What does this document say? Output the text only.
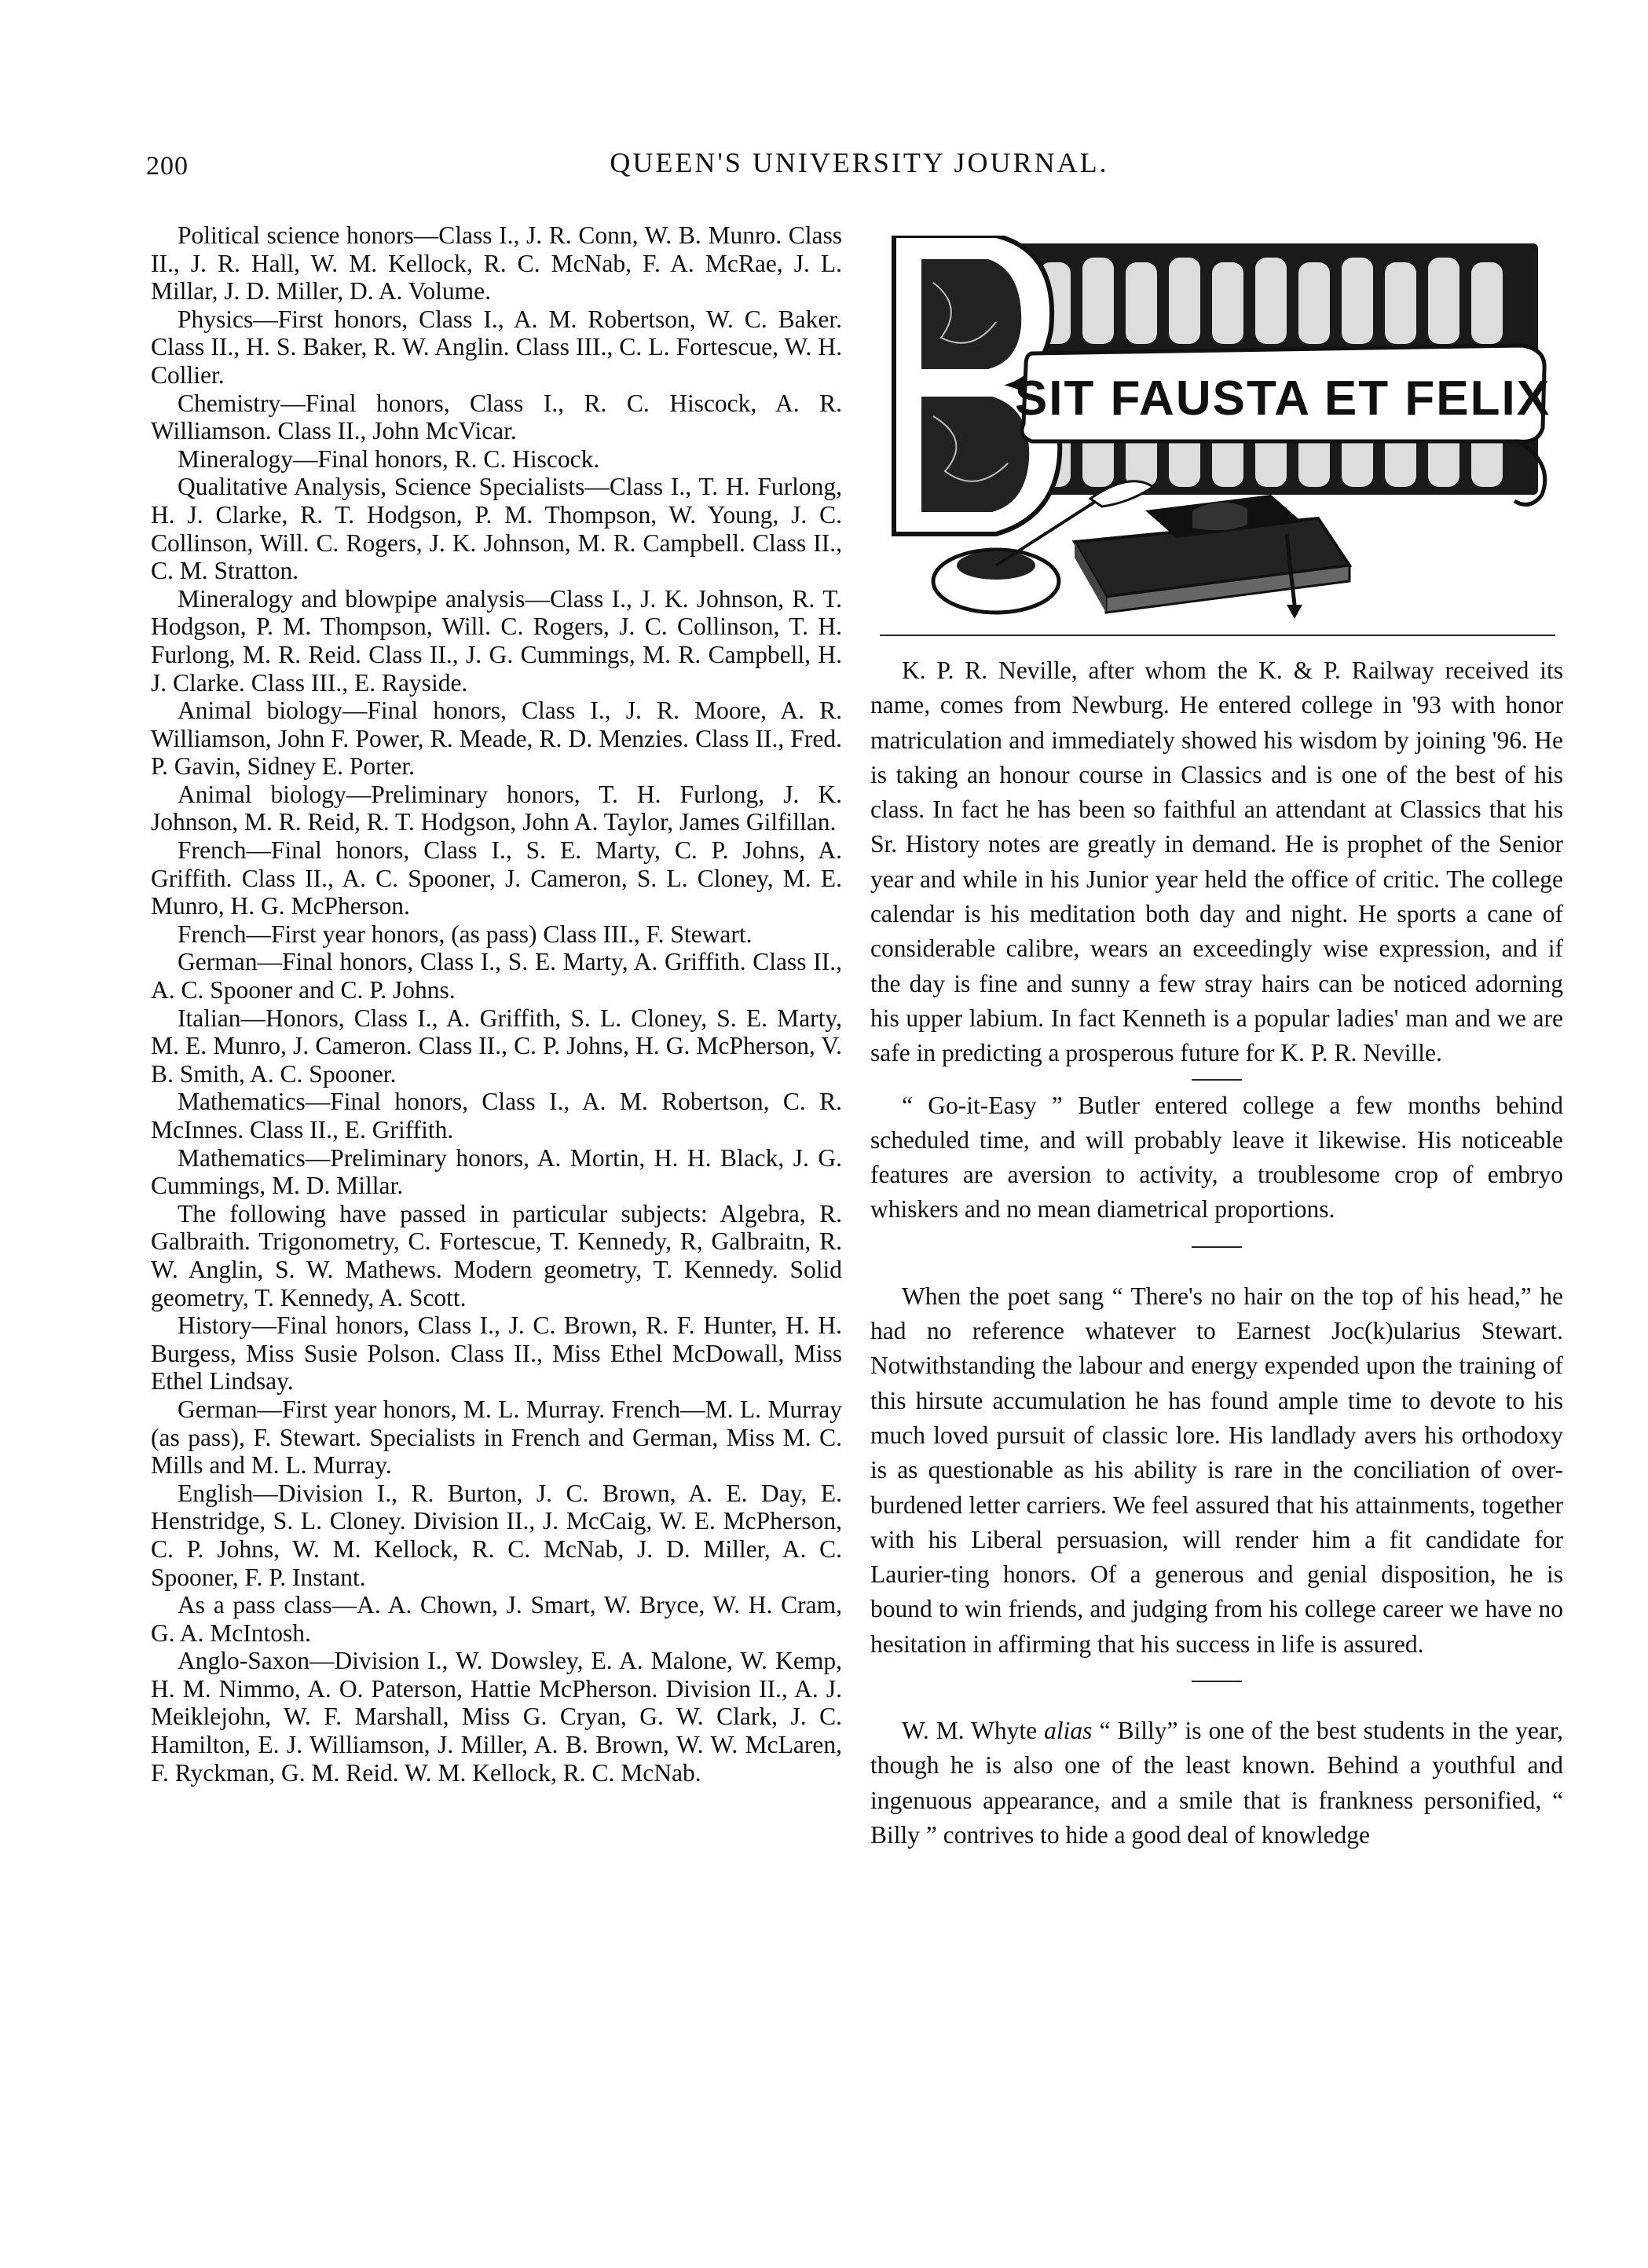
200	QUEEN'S UNIVERSITY JOURNAL.

Political science honors—Class I., J. R. Conn, W. B. Munro. Class II., J. R. Hall, W. M. Kellock, R. C. McNab, F. A. McRae, J. L. Millar, J. D. Miller, D. A. Volume.

Physics—First honors, Class I., A. M. Robertson, W. C. Baker. Class II., H. S. Baker, R. W. Anglin. Class III., C. L. Fortescue, W. H. Collier.

Chemistry—Final honors, Class I., R. C. Hiscock, A. R. Williamson. Class II., John McVicar.

Mineralogy—Final honors, R. C. Hiscock.

Qualitative Analysis, Science Specialists—Class I., T. H. Furlong, H. J. Clarke, R. T. Hodgson, P. M. Thompson, W. Young, J. C. Collinson, Will. C. Rogers, J. K. Johnson, M. R. Campbell. Class II., C. M. Stratton.

Mineralogy and blowpipe analysis—Class I., J. K. Johnson, R. T. Hodgson, P. M. Thompson, Will. C. Rogers, J. C. Collinson, T. H. Furlong, M. R. Reid. Class II., J. G. Cummings, M. R. Campbell, H. J. Clarke. Class III., E. Rayside.

Animal biology—Final honors, Class I., J. R. Moore, A. R. Williamson, John F. Power, R. Meade, R. D. Menzies. Class II., Fred. P. Gavin, Sidney E. Porter.

Animal biology—Preliminary honors, T. H. Furlong, J. K. Johnson, M. R. Reid, R. T. Hodgson, John A. Taylor, James Gilfillan.

French—Final honors, Class I., S. E. Marty, C. P. Johns, A. Griffith. Class II., A. C. Spooner, J. Cameron, S. L. Cloney, M. E. Munro, H. G. McPherson.

French—First year honors, (as pass) Class III., F. Stewart.

German—Final honors, Class I., S. E. Marty, A. Griffith. Class II., A. C. Spooner and C. P. Johns.

Italian—Honors, Class I., A. Griffith, S. L. Cloney, S. E. Marty, M. E. Munro, J. Cameron. Class II., C. P. Johns, H. G. McPherson, V. B. Smith, A. C. Spooner.

Mathematics—Final honors, Class I., A. M. Robertson, C. R. McInnes. Class II., E. Griffith.

Mathematics—Preliminary honors, A. Mortin, H. H. Black, J. G. Cummings, M. D. Millar.

The following have passed in particular subjects: Algebra, R. Galbraith. Trigonometry, C. Fortescue, T. Kennedy, R, Galbraitn, R. W. Anglin, S. W. Mathews. Modern geometry, T. Kennedy. Solid geometry, T. Kennedy, A. Scott.

History—Final honors, Class I., J. C. Brown, R. F. Hunter, H. H. Burgess, Miss Susie Polson. Class II., Miss Ethel McDowall, Miss Ethel Lindsay.

German—First year honors, M. L. Murray. French—M. L. Murray (as pass), F. Stewart. Specialists in French and German, Miss M. C. Mills and M. L. Murray.

English—Division I., R. Burton, J. C. Brown, A. E. Day, E. Henstridge, S. L. Cloney. Division II., J. McCaig, W. E. McPherson, C. P. Johns, W. M. Kellock, R. C. McNab, J. D. Miller, A. C. Spooner, F. P. Instant.

As a pass class—A. A. Chown, J. Smart, W. Bryce, W. H. Cram, G. A. McIntosh.

Anglo-Saxon—Division I., W. Dowsley, E. A. Malone, W. Kemp, H. M. Nimmo, A. O. Paterson, Hattie McPherson. Division II., A. J. Meiklejohn, W. F. Marshall, Miss G. Cryan, G. W. Clark, J. C. Hamilton, E. J. Williamson, J. Miller, A. B. Brown, W. W. McLaren, F. Ryckman, G. M. Reid. W. M. Kellock, R. C. McNab.

SIT FAUSTA ET FELIX

K. P. R. Neville, after whom the K. & P. Railway received its name, comes from Newburg. He entered college in '93 with honor matriculation and immediately showed his wisdom by joining '96. He is taking an honour course in Classics and is one of the best of his class. In fact he has been so faithful an attendant at Classics that his Sr. History notes are greatly in demand. He is prophet of the Senior year and while in his Junior year held the office of critic. The college calendar is his meditation both day and night. He sports a cane of considerable calibre, wears an exceedingly wise expression, and if the day is fine and sunny a few stray hairs can be noticed adorning his upper labium. In fact Kenneth is a popular ladies' man and we are safe in predicting a prosperous future for K. P. R. Neville.

“ Go-it-Easy ” Butler entered college a few months behind scheduled time, and will probably leave it likewise. His noticeable features are aversion to activity, a troublesome crop of embryo whiskers and no mean diametrical proportions.

When the poet sang “ There's no hair on the top of his head,” he had no reference whatever to Earnest Joc(k)ularius Stewart. Notwithstanding the labour and energy expended upon the training of this hirsute accumulation he has found ample time to devote to his much loved pursuit of classic lore. His landlady avers his orthodoxy is as questionable as his ability is rare in the conciliation of over-burdened letter carriers. We feel assured that his attainments, together with his Liberal persuasion, will render him a fit candidate for Laurier-ting honors. Of a generous and genial disposition, he is bound to win friends, and judging from his college career we have no hesitation in affirming that his success in life is assured.

W. M. Whyte alias “ Billy” is one of the best students in the year, though he is also one of the least known. Behind a youthful and ingenuous appearance, and a smile that is frankness personified, “ Billy ” contrives to hide a good deal of knowledge
